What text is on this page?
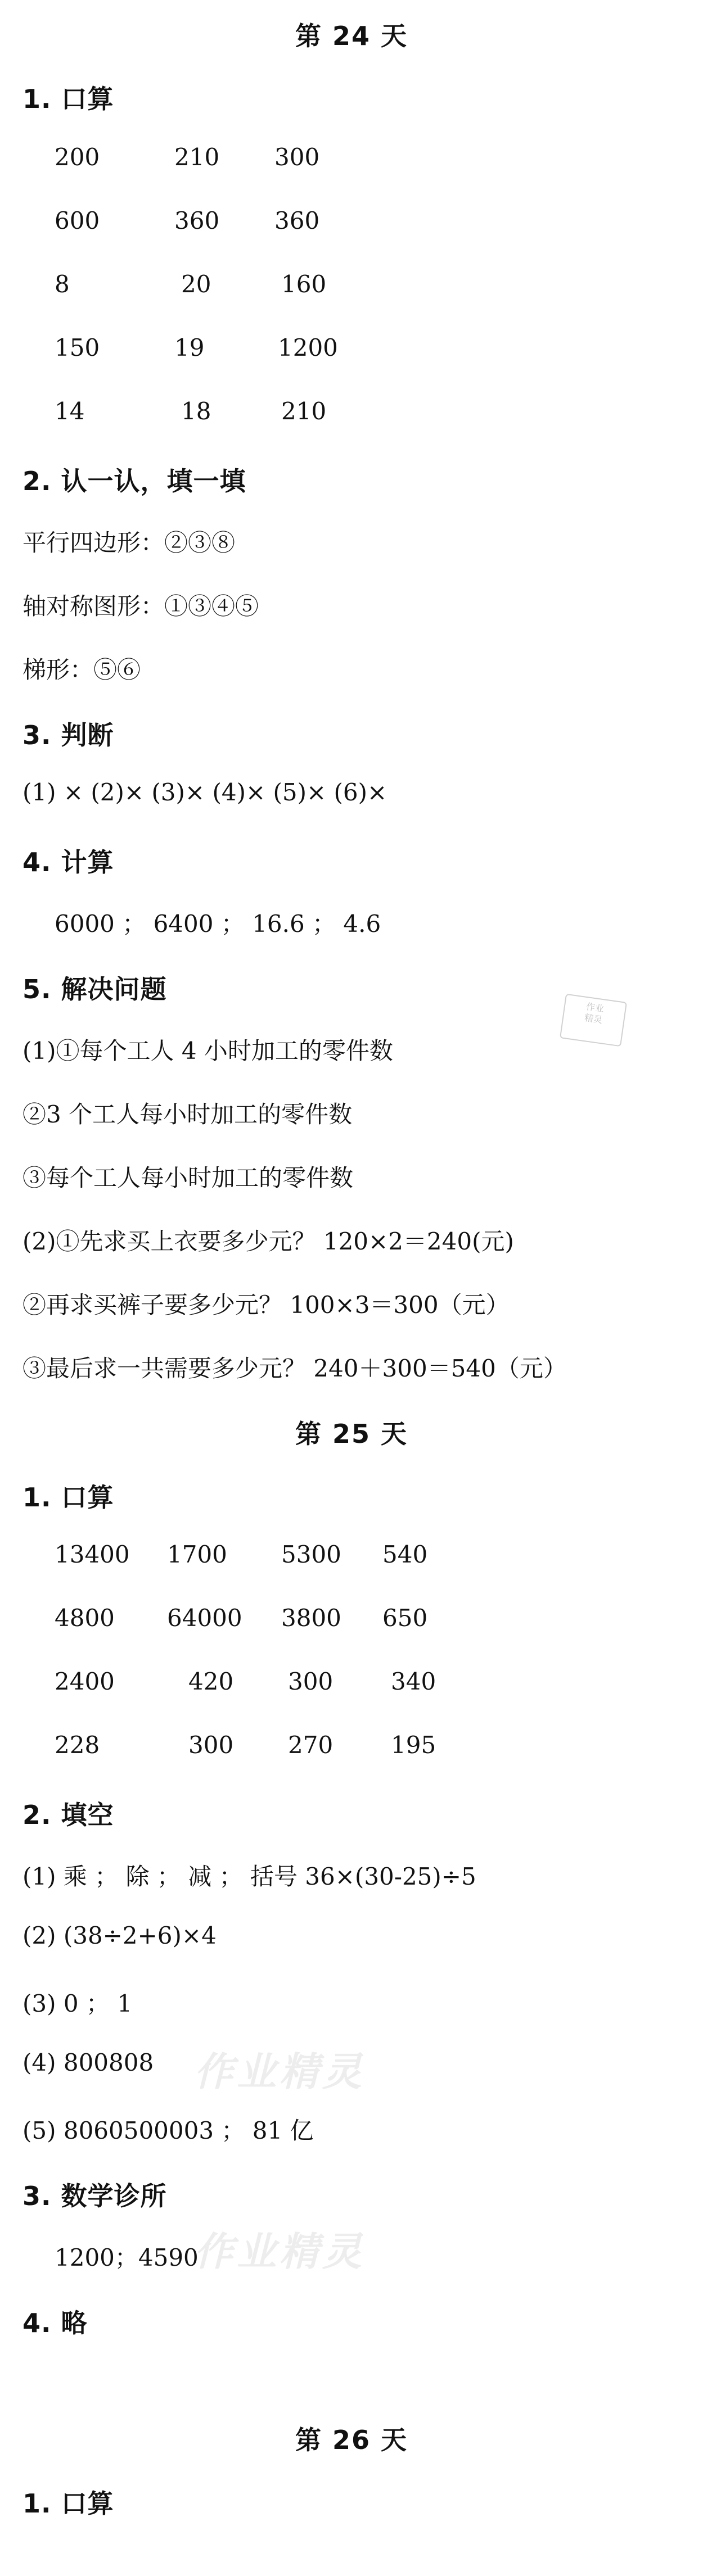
第 24 天
1. 口算
200	210 300
600	360 360
8	20	160
150	19	1200
14	18	210
2. 认一认，填一填
平行四边形：②③⑧
轴对称图形：①③④⑤
梯形：⑤⑥
3. 判断
(1) × (2)× (3)× (4)× (5)× (6)×
4. 计算
6000 ； 6400 ； 16.6 ； 4.6
5. 解决问题
(1)①每个工人 4 小时加工的零件数
②3 个工人每小时加工的零件数
③每个工人每小时加工的零件数
(2)①先求买上衣要多少元？ 120×2＝240(元)
②再求买裤子要多少元？ 100×3＝300（元）
③最后求一共需要多少元？ 240＋300＝540（元）
作业
精灵
第 25 天
1. 口算
13400 1700 5300 540
4800 64000 3800 650
2400	420 300 340
228	300 270 195
2. 填空
(1) 乘 ； 除 ； 减 ； 括号 36×(30-25)÷5
(2) (38÷2+6)×4
(3) 0 ； 1
(4) 800808
(5) 8060500003 ； 81 亿
作业精灵
3. 数学诊所
1200；4590
作业精灵
4. 略
第 26 天
1. 口算
